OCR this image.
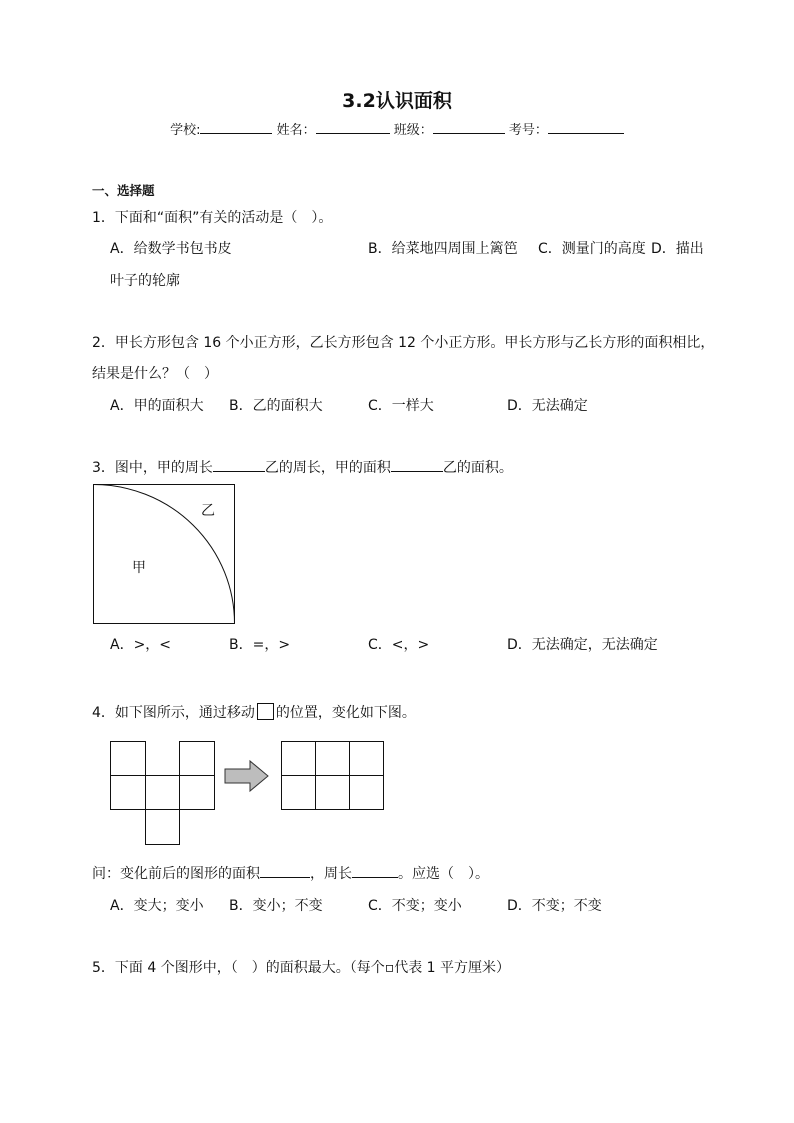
3.2认识面积
学校:	姓名：	班级：	考号：
一、选择题
1．下面和“面积”有关的活动是（　）。
A．给数学书包书皮	B．给菜地四周围上篱笆 C．测量门的高度 D．描出
叶子的轮廓
2．甲长方形包含 16 个小正方形，乙长方形包含 12 个小正方形。甲长方形与乙长方形的面积相比，
结果是什么？（　）
A．甲的面积大 B．乙的面积大	C．一样大	D．无法确定
3．图中，甲的周长	乙的周长，甲的面积	乙的面积。
甲
乙
A．>，<	B．=，>	C．<，>	D．无法确定，无法确定
4．如下图所示，通过移动 的位置，变化如下图。
问：变化前后的图形的面积	，周长	。应选（　）。
A．变大；变小 B．变小；不变	C．不变；变小	D．不变；不变
5．下面 4 个图形中，（　）的面积最大。（每个▫代表 1 平方厘米）
